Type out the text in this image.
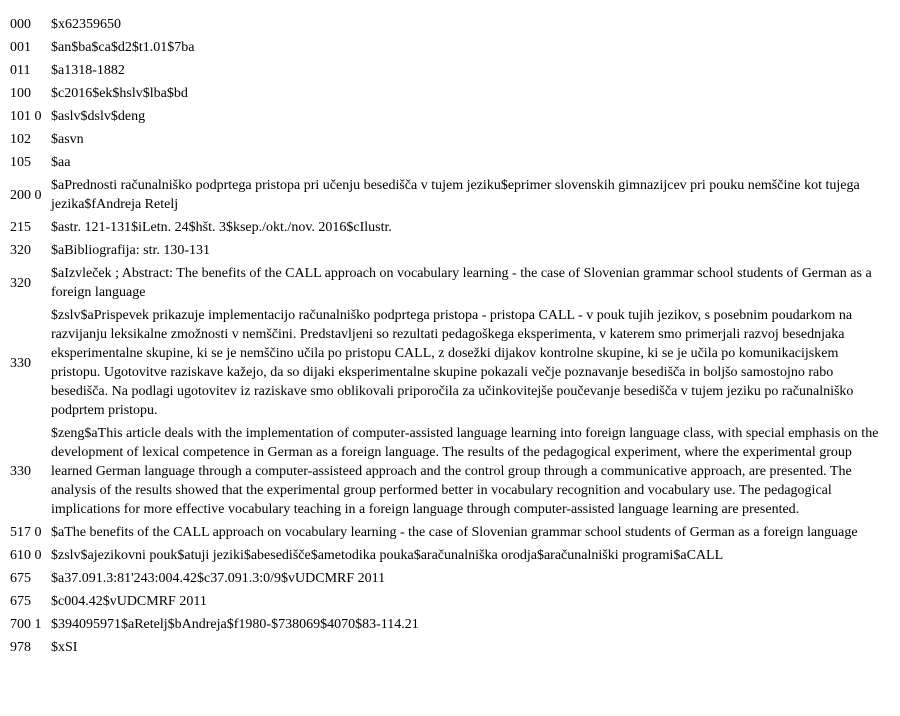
000	$x62359650
001	$an$ba$ca$d2$t1.01$7ba
011	$a1318-1882
100	$c2016$ek$hslv$lba$bd
101 0	$aslv$dslv$deng
102	$asvn
105	$aa
200 0	$aPrednosti računalniško podprtega pristopa pri učenju besedišča v tujem jeziku$eprimer slovenskih gimnazijcev pri pouku nemščine kot tujega jezika$fAndreja Retelj
215	$astr. 121-131$iLetn. 24$hšt. 3$ksep./okt./nov. 2016$cIlustr.
320	$aBibliografija: str. 130-131
320	$aIzvleček ; Abstract: The benefits of the CALL approach on vocabulary learning - the case of Slovenian grammar school students of German as a foreign language
330	$zslv$aPrispevek prikazuje implementacijo računalniško podprtega pristopa - pristopa CALL - v pouk tujih jezikov, s posebnim poudarkom na razvijanju leksikalne zmožnosti v nemščini. Predstavljeni so rezultati pedagoškega eksperimenta, v katerem smo primerjali razvoj besednjaka eksperimentalne skupine, ki se je nemščino učila po pristopu CALL, z dosežki dijakov kontrolne skupine, ki se je učila po komunikacijskem pristopu. Ugotovitve raziskave kažejo, da so dijaki eksperimentalne skupine pokazali večje poznavanje besedišča in boljšo samostojno rabo besedišča. Na podlagi ugotovitev iz raziskave smo oblikovali priporočila za učinkovitejše poučevanje besedišča v tujem jeziku po računalniško podprtem pristopu.
330	$zeng$aThis article deals with the implementation of computer-assisted language learning into foreign language class, with special emphasis on the development of lexical competence in German as a foreign language. The results of the pedagogical experiment, where the experimental group learned German language through a computer-assisteed approach and the control group through a communicative approach, are presented. The analysis of the results showed that the experimental group performed better in vocabulary recognition and vocabulary use. The pedagogical implications for more effective vocabulary teaching in a foreign language through computer-assisted language learning are presented.
517 0	$aThe benefits of the CALL approach on vocabulary learning - the case of Slovenian grammar school students of German as a foreign language
610 0	$zslv$ajezikovni pouk$atuji jeziki$abesedišče$ametodika pouka$aračunalniška orodja$aračunalniški programi$aCALL
675	$a37.091.3:81'243:004.42$c37.091.3:0/9$vUDCMRF 2011
675	$c004.42$vUDCMRF 2011
700 1	$394095971$aRetelj$bAndreja$f1980-$738069$4070$83-114.21
978	$xSI
